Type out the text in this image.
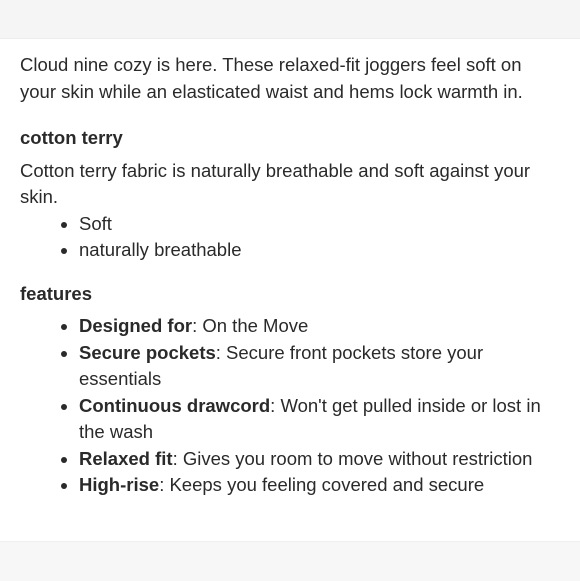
Cloud nine cozy is here. These relaxed-fit joggers feel soft on your skin while an elasticated waist and hems lock warmth in.

cotton terry

Cotton terry fabric is naturally breathable and soft against your skin.

• Soft
• naturally breathable

features

• Designed for: On the Move
• Secure pockets: Secure front pockets store your essentials
• Continuous drawcord: Won't get pulled inside or lost in the wash
• Relaxed fit: Gives you room to move without restriction
• High-rise: Keeps you feeling covered and secure
